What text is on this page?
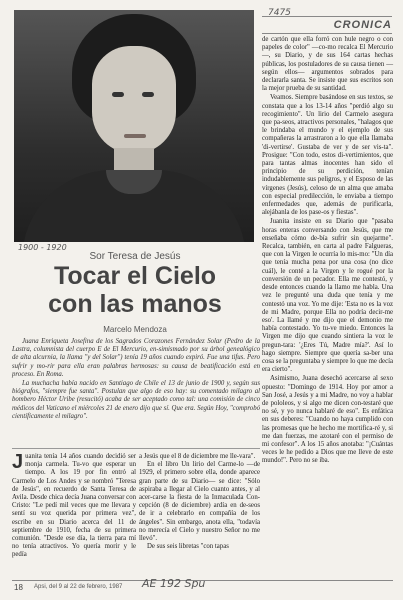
7475
1900 - 1920
CRONICA
Sor Teresa de Jesús
Tocar el Cielo
con las manos
Marcelo Mendoza

Juana Enriqueta Josefina de los Sagrados Corazones Fernández Solar (Pedro de la Lastra, columnista del cuerpo E de El Mercurio, en-simismado por su árbol genealógico de alta alcurnia, la llama "y del Solar") tenía 19 años cuando expiró. Fue una tifus. Pero sufrir y mo-rir para ella eran palabras hermosas: su causa de beatificación está en proceso. En Roma.

La muchacha había nacido en Santiago de Chile el 13 de junio de 1900 y, según sus biógrafos, "siempre fue santa". Postulan que algo de eso hay: su comentado milagro al bombero Héctor Uribe (resucitó) acaba de ser aceptado como tal: una comisión de cinco médicos del Vaticano el miércoles 21 de enero dijo que sí. Que era. Según Hoy, "comprobó científicamente el milagro".

Juanita tenía 14 años cuando decidió ser monja carmela. Tu-vo que esperar un tiempo. A los 19 por fin entró al Carmelo de Los Andes y se nombró "Teresa de Jesús", en recuerdo de Santa Teresa de Avila. Desde chica decía Juana conversar con Cristo: "Le pedí mil veces que me llevara y sentí su voz querida por primera vez", escribe en su Diario acerca del 11 de septiembre de 1910, fecha de su primera comunión. "Desde ese día, la tierra para mí no tenía atractivos. Yo quería morir y le pedía

a Jesús que el 8 de diciembre me lle-vara".

En el libro Un lirio del Carme-lo —de 1929, el primero sobre ella, donde aparece gran parte de su Diario— se dice: "Sólo aspiraba a llegar al Cielo cuanto antes, y al acer-carse la fiesta de la Inmaculada Con-cepción (8 de diciembre) ardía en de-seos de ir a celebrarlo en compañía de los ángeles". Sin embargo, anota ella, "todavía no merecía el Cielo y nuestro Señor no me llevó".

De sus seis libretas "con tapas

de cartón que ella forró con hule negro o con papeles de color" —co-mo recalca El Mercurio—, su Diario, y de sus 164 cartas hechas públicas, los postuladores de su causa tienen —según ellos— argumentos sobrados para declararla santa. Se insiste que sus escritos son la mejor prueba de su santidad.

Veamos. Siempre basándose en sus textos, se constata que a los 13-14 años "perdió algo su recogimiento". Un lirio del Carmelo asegura que pa-seos, atractivos personales, "halagos que le brindaba el mundo y el ejemplo de sus compañeras la arrastraron a lo que ella llamaba 'di-vertirse'. Gustaba de ver y de ser vis-ta". Prosigue: "Con todo, estos di-vertimientos, que para tantas almas inocentes han sido el principio de su perdición, tenían indudablemente sus peligros, y el Esposo de las vírgenes (Jesús), celoso de un alma que amaba con especial predilección, le enviaba a tiempo enfermedades que, además de purificarla, alejábanla de los pase-os y fiestas".

Juanita insiste en su Diario que "pasaba horas enteras conversando con Jesús, que me enseñaba cómo de-bía sufrir sin quejarme". Recalca, también, en carta al padre Falgueras, que con la Virgen le ocurría lo mis-mo: "Un día que tenía mucha pena por una cosa (no dice cuál), le conté a la Virgen y le rogué por la conversión de un pecador. Ella me contestó, y desde entonces cuando la llamo me habla. Una vez le pregunté una duda que tenía y me contestó una voz. Yo me dije: 'Esta no es la voz de mi Madre, porque Ella no podría decir-me eso'. La llamé y me dijo que el demonio me había contestado. Yo tu-ve miedo. Entonces la Virgen me dijo que cuando sintiera la voz le pregun-tara: '¿Eres Tú, Madre mía?'. Así lo hago siempre. Siempre que quería sa-ber una cosa se la preguntaba y siempre lo que me decía era cierto".

Asimismo, Juana desechó acercarse al sexo opuesto: "Domingo de 1914. Hoy por amor a San José, a Jesús y a mi Madre, no voy a hablar de pololeos, y si algo me dicen con-testaré que no sé, y yo nunca hablaré de eso". Es enfática en sus deberes: "Cuando no haya cumplido con las promesas que he hecho me mortifica-ré y, si me dan fuerzas, me azotaré con el permiso de mi confesor". A los 15 años anotaba: "¡Cuántas veces le he pedido a Dios que me lleve de este mundo!". Pero no se iba.

18 Apsi, del 9 al 22 de febrero, 1987 AE 192 Spu
